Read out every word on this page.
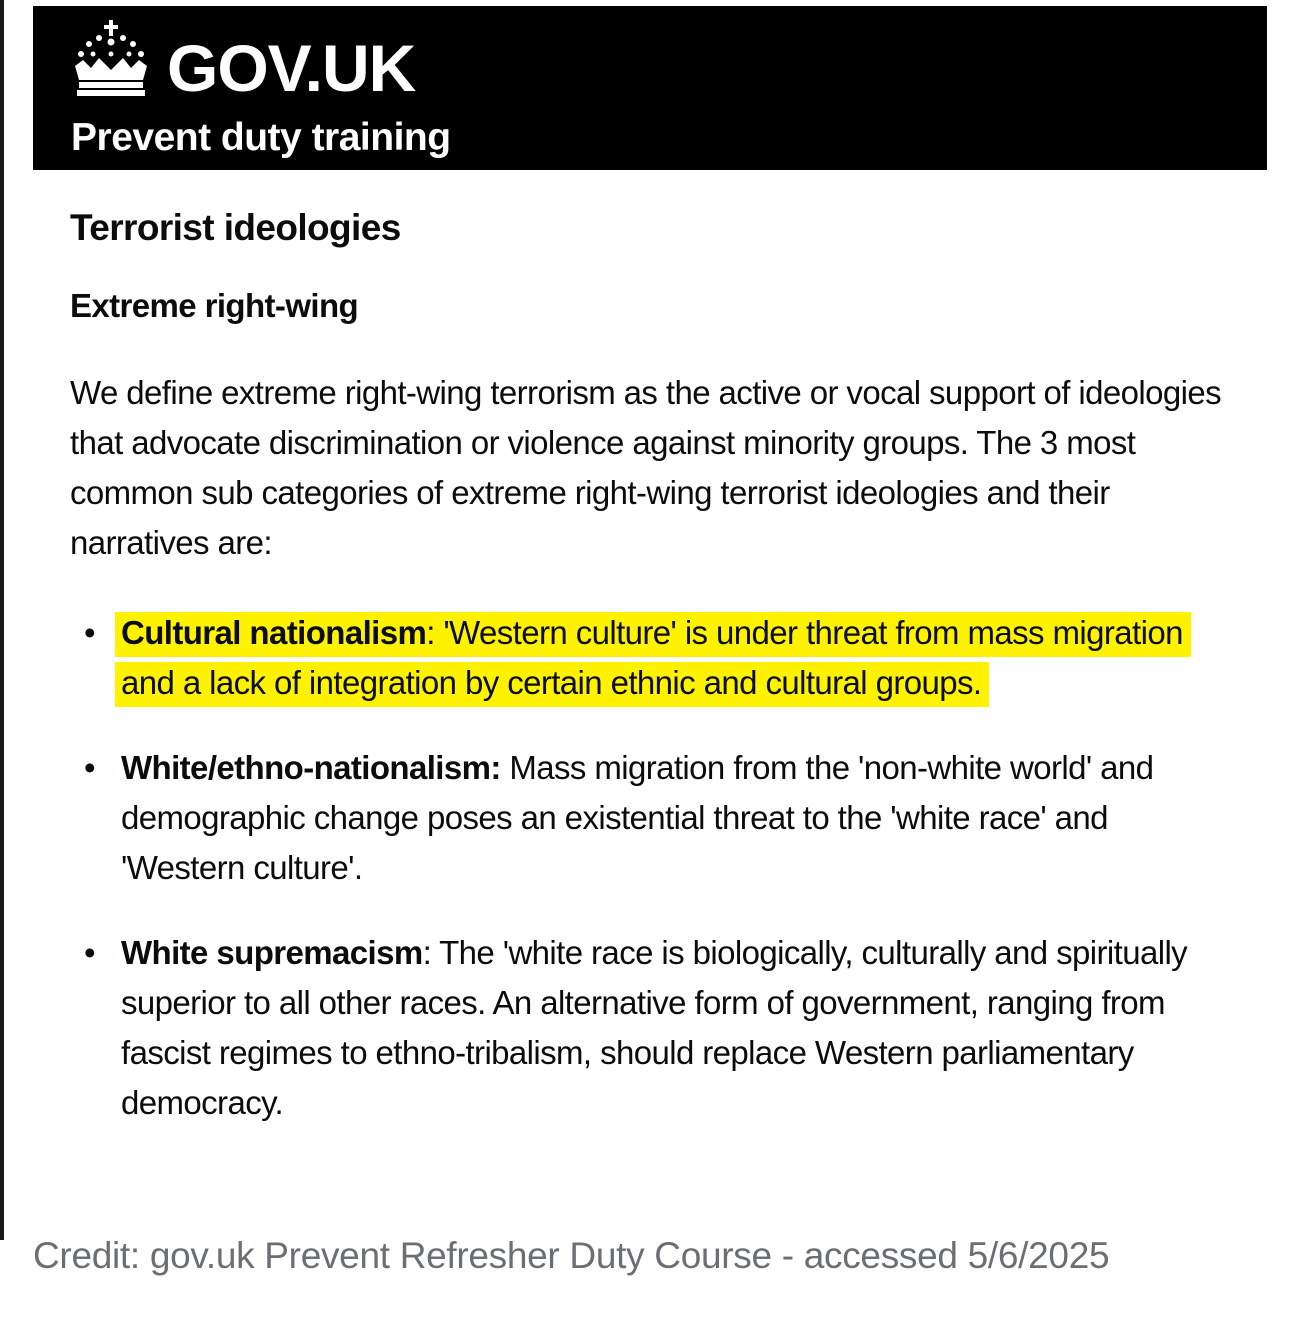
GOV.UK
Prevent duty training
Terrorist ideologies
Extreme right-wing

We define extreme right-wing terrorism as the active or vocal support of ideologies that advocate discrimination or violence against minority groups. The 3 most common sub categories of extreme right-wing terrorist ideologies and their narratives are:

• Cultural nationalism: 'Western culture' is under threat from mass migration and a lack of integration by certain ethnic and cultural groups.
• White/ethno-nationalism: Mass migration from the 'non-white world' and demographic change poses an existential threat to the 'white race' and 'Western culture'.
• White supremacism: The 'white race is biologically, culturally and spiritually superior to all other races. An alternative form of government, ranging from fascist regimes to ethno-tribalism, should replace Western parliamentary democracy.
Credit: gov.uk Prevent Refresher Duty Course - accessed 5/6/2025
